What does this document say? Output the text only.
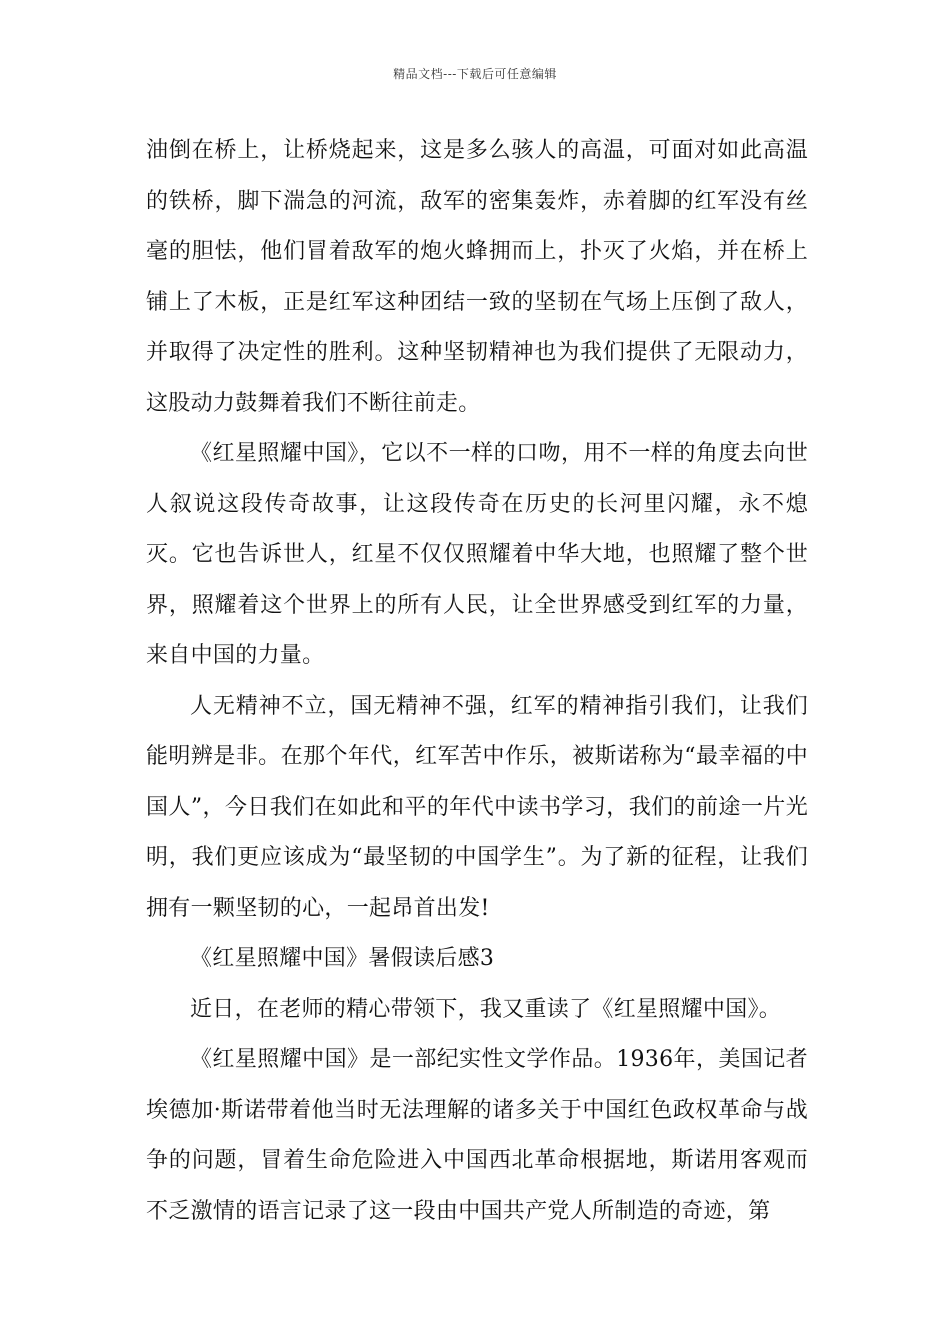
精品文档---下载后可任意编辑

油倒在桥上，让桥烧起来，这是多么骇人的高温，可面对如此高温的铁桥，脚下湍急的河流，敌军的密集轰炸，赤着脚的红军没有丝毫的胆怯，他们冒着敌军的炮火蜂拥而上，扑灭了火焰，并在桥上铺上了木板，正是红军这种团结一致的坚韧在气场上压倒了敌人，并取得了决定性的胜利。这种坚韧精神也为我们提供了无限动力，这股动力鼓舞着我们不断往前走。

《红星照耀中国》，它以不一样的口吻，用不一样的角度去向世人叙说这段传奇故事，让这段传奇在历史的长河里闪耀，永不熄灭。它也告诉世人，红星不仅仅照耀着中华大地，也照耀了整个世界，照耀着这个世界上的所有人民，让全世界感受到红军的力量，来自中国的力量。

人无精神不立，国无精神不强，红军的精神指引我们，让我们能明辨是非。在那个年代，红军苦中作乐，被斯诺称为“最幸福的中国人”，今日我们在如此和平的年代中读书学习，我们的前途一片光明，我们更应该成为“最坚韧的中国学生”。为了新的征程，让我们拥有一颗坚韧的心，一起昂首出发!

《红星照耀中国》暑假读后感3

近日，在老师的精心带领下，我又重读了《红星照耀中国》。

《红星照耀中国》是一部纪实性文学作品。1936年，美国记者埃德加·斯诺带着他当时无法理解的诸多关于中国红色政权革命与战争的问题，冒着生命危险进入中国西北革命根据地，斯诺用客观而不乏激情的语言记录了这一段由中国共产党人所制造的奇迹，第
